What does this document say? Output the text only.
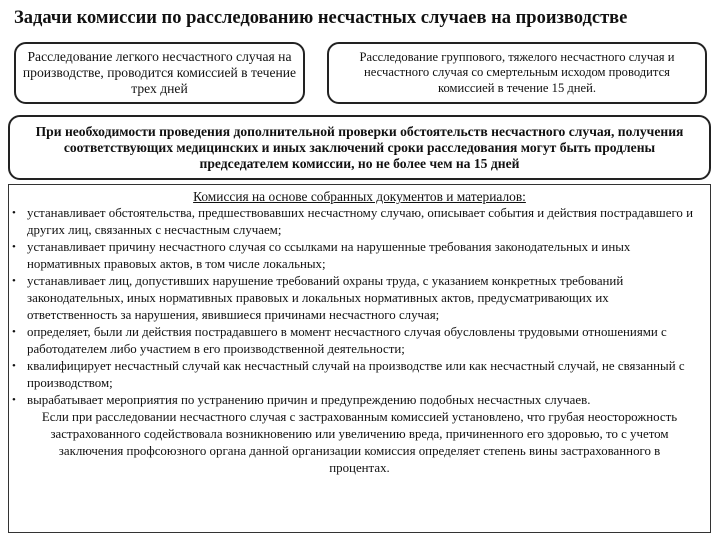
Задачи комиссии по расследованию несчастных случаев на производстве
Расследование легкого несчастного случая на производстве, проводится комиссией в течение трех дней
Расследование группового, тяжелого несчастного случая и несчастного случая со смертельным исходом проводится комиссией в течение 15 дней.
При необходимости проведения дополнительной проверки обстоятельств несчастного случая, получения соответствующих медицинских и иных заключений сроки расследования могут быть продлены председателем комиссии, но не более чем на 15 дней
Комиссия на основе собранных документов и материалов:
• устанавливает обстоятельства, предшествовавших несчастному случаю, описывает события и действия пострадавшего и других лиц, связанных с несчастным случаем;
• устанавливает причину несчастного случая со ссылками на нарушенные требования законодательных и иных нормативных правовых актов, в том числе локальных;
• устанавливает лиц, допустивших нарушение требований охраны труда, с указанием конкретных требований законодательных, иных нормативных правовых и локальных нормативных актов, предусматривающих их ответственность за нарушения, явившиеся причинами несчастного случая;
• определяет, были ли действия пострадавшего в момент несчастного случая обусловлены трудовыми отношениями с работодателем либо участием в его производственной деятельности;
• квалифицирует несчастный случай как несчастный случай на производстве или как несчастный случай, не связанный с производством;
• вырабатывает мероприятия по устранению причин и предупреждению подобных несчастных случаев.
Если при расследовании несчастного случая с застрахованным комиссией установлено, что грубая неосторожность застрахованного содействовала возникновению или увеличению вреда, причиненного его здоровью, то с учетом заключения профсоюзного органа данной организации комиссия определяет степень вины застрахованного в процентах.
